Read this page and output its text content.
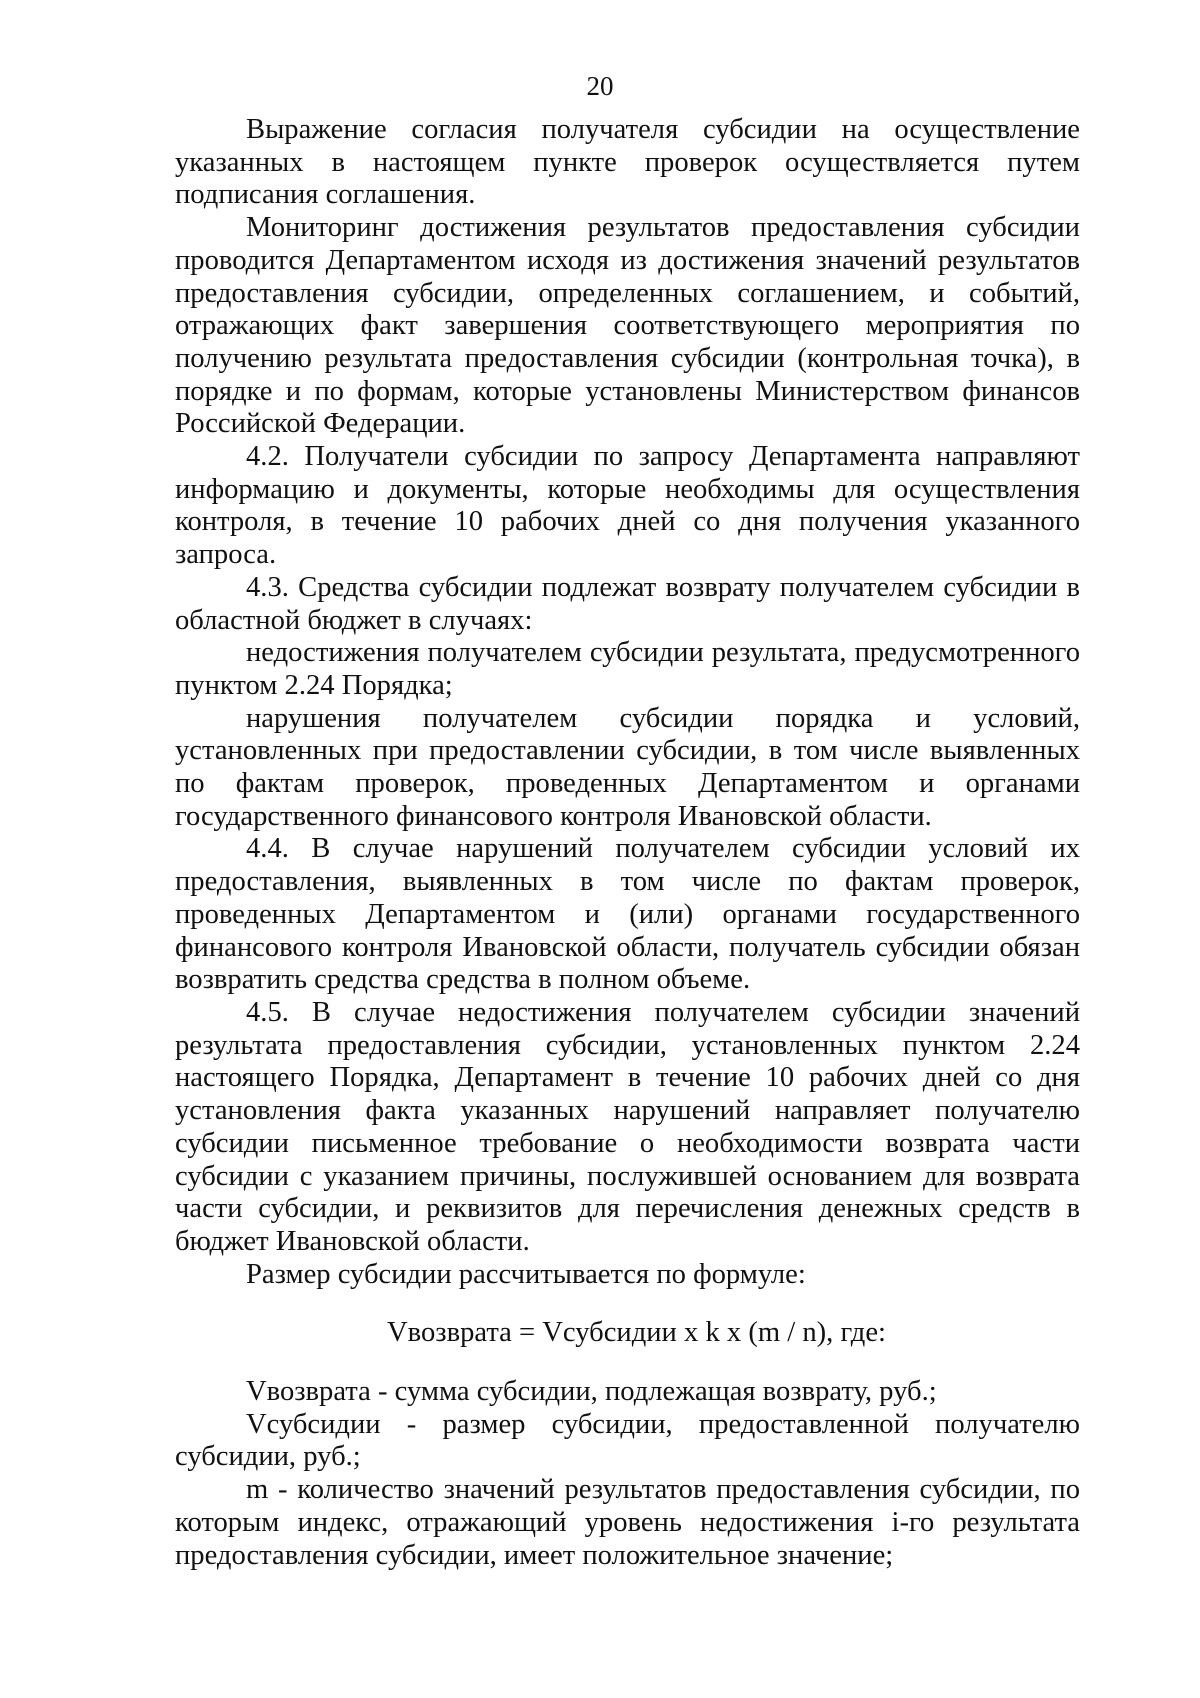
20

Выражение согласия получателя субсидии на осуществление указанных в настоящем пункте проверок осуществляется путем подписания соглашения.

Мониторинг достижения результатов предоставления субсидии проводится Департаментом исходя из достижения значений результатов предоставления субсидии, определенных соглашением, и событий, отражающих факт завершения соответствующего мероприятия по получению результата предоставления субсидии (контрольная точка), в порядке и по формам, которые установлены Министерством финансов Российской Федерации.

4.2. Получатели субсидии по запросу Департамента направляют информацию и документы, которые необходимы для осуществления контроля, в течение 10 рабочих дней со дня получения указанного запроса.

4.3. Средства субсидии подлежат возврату получателем субсидии в областной бюджет в случаях:

недостижения получателем субсидии результата, предусмотренного пунктом 2.24 Порядка;

нарушения получателем субсидии порядка и условий, установленных при предоставлении субсидии, в том числе выявленных по фактам проверок, проведенных Департаментом и органами государственного финансового контроля Ивановской области.

4.4. В случае нарушений получателем субсидии условий их предоставления, выявленных в том числе по фактам проверок, проведенных Департаментом и (или) органами государственного финансового контроля Ивановской области, получатель субсидии обязан возвратить средства средства в полном объеме.

4.5. В случае недостижения получателем субсидии значений результата предоставления субсидии, установленных пунктом 2.24 настоящего Порядка, Департамент в течение 10 рабочих дней со дня установления факта указанных нарушений направляет получателю субсидии письменное требование о необходимости возврата части субсидии с указанием причины, послужившей основанием для возврата части субсидии, и реквизитов для перечисления денежных средств в бюджет Ивановской области.

Размер субсидии рассчитывается по формуле:

Vвозврата = Vсубсидии x k x (m / n), где:

Vвозврата - сумма субсидии, подлежащая возврату, руб.;

Vсубсидии - размер субсидии, предоставленной получателю субсидии, руб.;

m - количество значений результатов предоставления субсидии, по которым индекс, отражающий уровень недостижения i-го результата предоставления субсидии, имеет положительное значение;
